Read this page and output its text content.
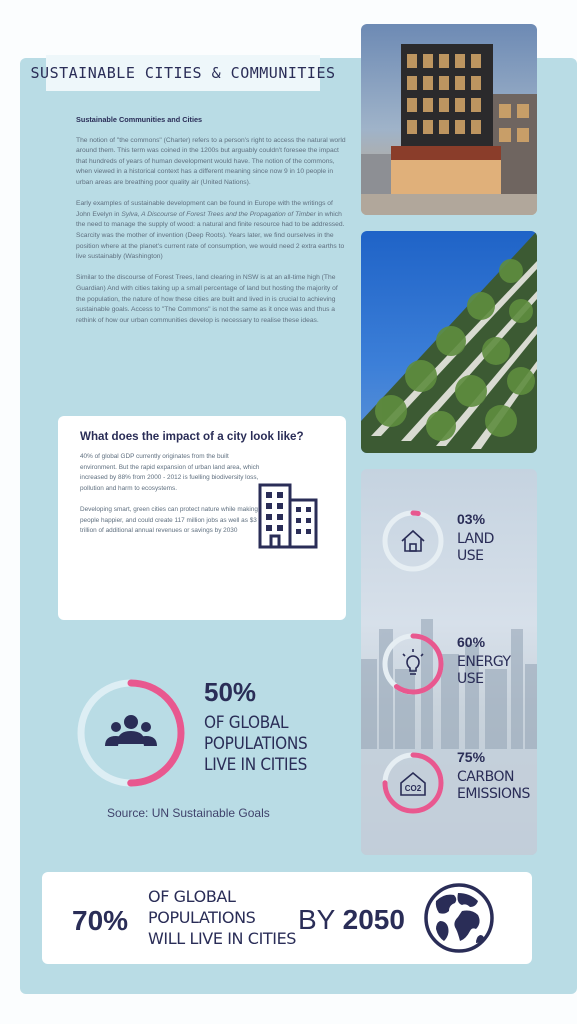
SUSTAINABLE CITIES & COMMUNITIES
Sustainable Communities and Cities

The notion of "the commons" (Charter) refers to a person's right to access the natural world around them. This term was coined in the 1200s but arguably couldn't foresee the impact that hundreds of years of human development would have. The notion of the commons, when viewed in a historical context has a different meaning since now 9 in 10 people in urban areas are breathing poor quality air (United Nations).

Early examples of sustainable development can be found in Europe with the writings of John Evelyn in Sylva, A Discourse of Forest Trees and the Propagation of Timber in which the need to manage the supply of wood: a natural and finite resource had to be addressed. Scarcity was the mother of invention (Deep Roots). Years later, we find ourselves in the position where at the planet's current rate of consumption, we would need 2 extra earths to live sustainably (Washington)

Similar to the discourse of Forest Trees, land clearing in NSW is at an all-time high (The Guardian) And with cities taking up a small percentage of land but hosting the majority of the population, the nature of how these cities are built and lived in is crucial to achieving sustainable goals. Access to "The Commons" is not the same as it once was and thus a rethink of how our urban communities develop is necessary to realise these ideas.

What does the impact of a city look like?

40% of global GDP currently originates from the built environment. But the rapid expansion of urban land area, which increased by 88% from 2000 - 2012 is fuelling biodiversity loss, pollution and harm to ecosystems.

Developing smart, green cities can protect nature while making people happier, and could create 117 million jobs as well as $3 trillion of additional annual revenues or savings by 2030

50%
OF GLOBAL
POPULATIONS
LIVE IN CITIES
Source: UN Sustainable Goals
CO2
03%
LAND
USE
60%
ENERGY
USE
75%
CARBON
EMISSIONS
70%
OF GLOBAL
POPULATIONS
WILL LIVE IN CITIES
BY 2050
